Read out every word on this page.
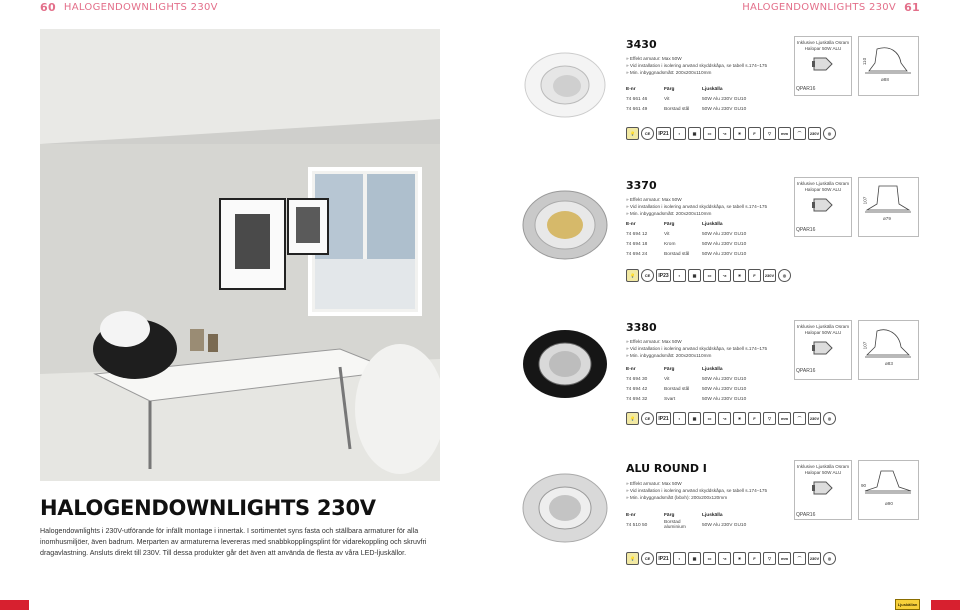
60 HALOGENDOWNLIGHTS 230V	HALOGENDOWNLIGHTS 230V 61
HALOGENDOWNLIGHTS 230V
Halogendownlights i 230V-utförande för infällt montage i innertak. I sortimentet syns fasta och ställbara armaturer för alla inomhusmiljöer, även badrum. Merparten av armaturerna levereras med snabbkopplingsplint för vidarekoppling och skruvfri dragavlastning. Ansluts direkt till 230V. Till dessa produkter går det även att använda de flesta av våra LED-ljuskällor.
3430
» Effekt armatur: Max 50W
» Vid installation i isolering använd skyddskåpa, se tabell s.174–175
» Min. inbyggnadsmått: 200x200x110mm
E-nr	Färg	Ljuskälla
74 661 46	Vit	50W Alu 230V GU10
74 661 49	Borstad stål	50W Alu 230V GU10
QPAR16
Inklusive Ljuskälla Osram
Halopar 50W ALU
110
ø88
💡	CE	IP21	◐	▦	▭	↝	☀	F	▽	mm	⌒	230V	◎
3370
» Effekt armatur: Max 50W
» Vid installation i isolering använd skyddskåpa, se tabell s.174–175
» Min. inbyggnadsmått: 200x200x110mm
E-nr	Färg	Ljuskälla
74 694 12	Vit	50W Alu 230V GU10
74 694 18	Krom	50W Alu 230V GU10
74 694 24	Borstad stål	50W Alu 230V GU10
QPAR16
Inklusive Ljuskälla Osram
Halopar 50W ALU
107
ø79
💡	CE	IP23	◐	▦	▭	↝	☀	F	230V	◎
3380
» Effekt armatur: Max 50W
» Vid installation i isolering använd skyddskåpa, se tabell s.174–175
» Min. inbyggnadsmått: 200x200x110mm
E-nr	Färg	Ljuskälla
74 694 30	Vit	50W Alu 230V GU10
74 694 42	Borstad stål	50W Alu 230V GU10
74 694 32	Svart	50W Alu 230V GU10
QPAR16
Inklusive Ljuskälla Osram
Halopar 50W ALU
107
ø83
💡	CE	IP21	◐	▦	▭	↝	☀	F	▽	mm	⌒	230V	◎
ALU ROUND I
» Effekt armatur: Max 50W
» Vid installation i isolering använd skyddskåpa, se tabell s.174–175
» Min. inbyggnadsmått (lxbxh): 200x200x120mm
E-nr	Färg	Ljuskälla
74 510 50	Borstad aluminium	50W Alu 230V GU10
QPAR16
Inklusive Ljuskälla Osram
Halopar 50W ALU
90
ø90
💡	CE	IP21	◐	▦	▭	↝	☀	F	▽	mm	⌒	230V	◎
Ljuskällan
